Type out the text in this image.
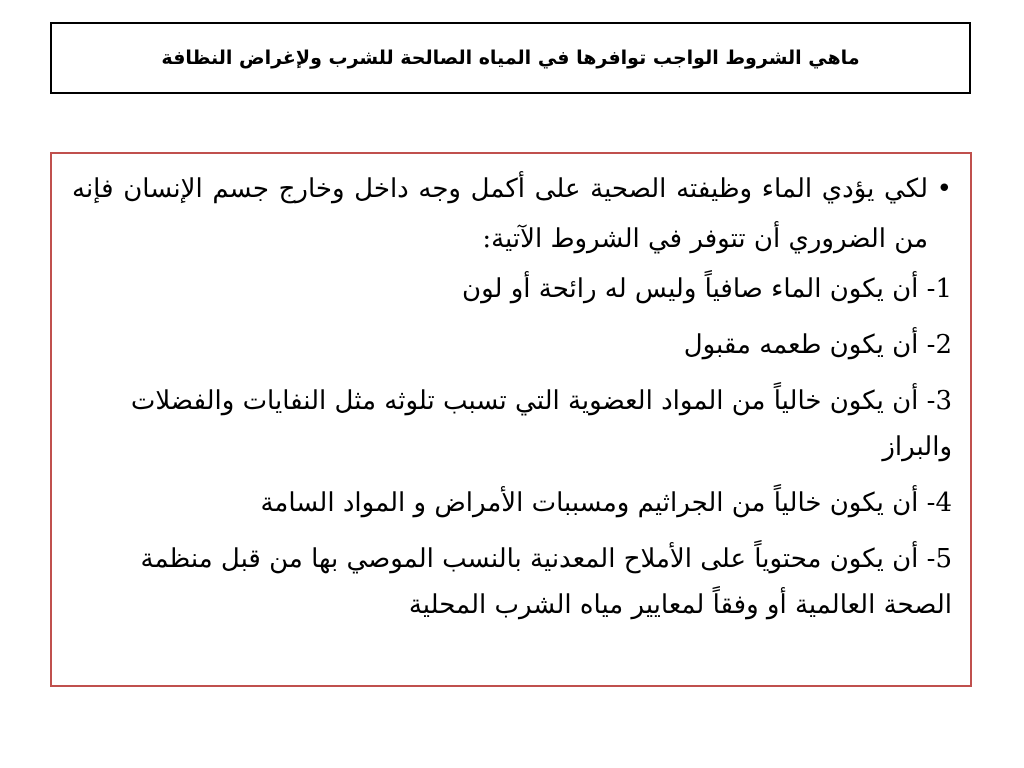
ماهي الشروط الواجب توافرها في المياه الصالحة للشرب ولإغراض النظافة

•
لكي يؤدي الماء وظيفته الصحية على أكمل وجه داخل وخارج جسم الإنسان فإنه من الضروري أن تتوفر في الشروط الآتية:

1- أن يكون الماء صافياً وليس له رائحة أو لون

2- أن يكون طعمه مقبول

3- أن يكون خالياً من المواد العضوية التي تسبب تلوثه مثل النفايات والفضلات والبراز

4- أن يكون خالياً من الجراثيم ومسببات الأمراض و المواد السامة

5- أن يكون محتوياً على الأملاح المعدنية بالنسب الموصي بها من قبل منظمة الصحة العالمية أو وفقاً لمعايير مياه الشرب المحلية
